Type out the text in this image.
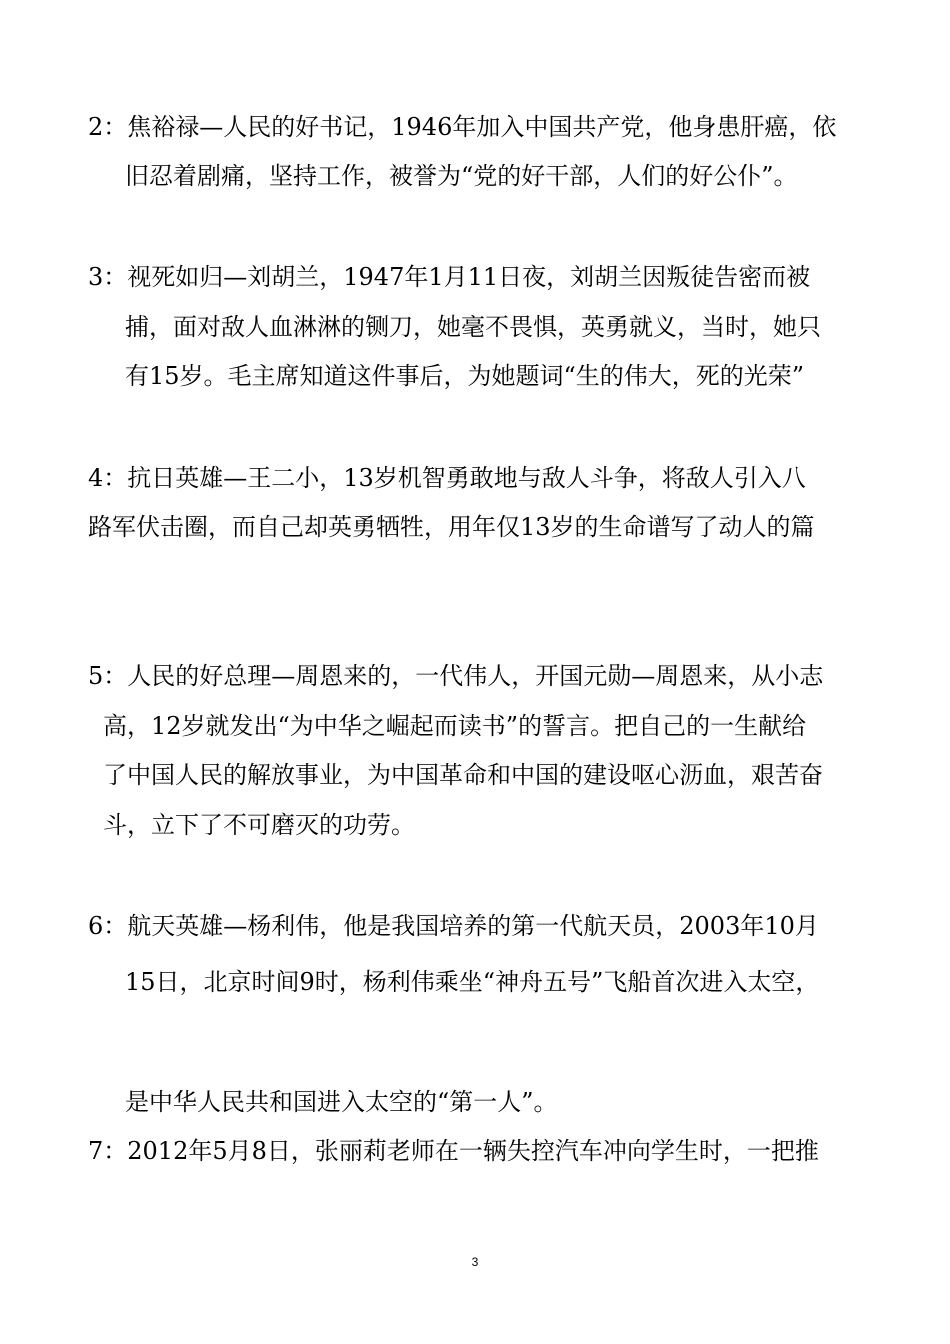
2：焦裕禄—人民的好书记，1946年加入中国共产党，他身患肝癌，依

旧忍着剧痛，坚持工作，被誉为“党的好干部，人们的好公仆”。

3：视死如归—刘胡兰，1947年1月11日夜，刘胡兰因叛徒告密而被

捕，面对敌人血淋淋的铡刀，她毫不畏惧，英勇就义，当时，她只

有15岁。毛主席知道这件事后，为她题词“生的伟大，死的光荣”

4：抗日英雄—王二小，13岁机智勇敢地与敌人斗争，将敌人引入八

路军伏击圈，而自己却英勇牺牲，用年仅13岁的生命谱写了动人的篇

5：人民的好总理—周恩来的，一代伟人，开国元勋—周恩来，从小志

高，12岁就发出“为中华之崛起而读书”的誓言。把自己的一生献给

了中国人民的解放事业，为中国革命和中国的建设呕心沥血，艰苦奋

斗，立下了不可磨灭的功劳。

6：航天英雄—杨利伟，他是我国培养的第一代航天员，2003年10月

15日，北京时间9时，杨利伟乘坐“神舟五号”飞船首次进入太空，

是中华人民共和国进入太空的“第一人”。

7：2012年5月8日，张丽莉老师在一辆失控汽车冲向学生时，一把推

3
